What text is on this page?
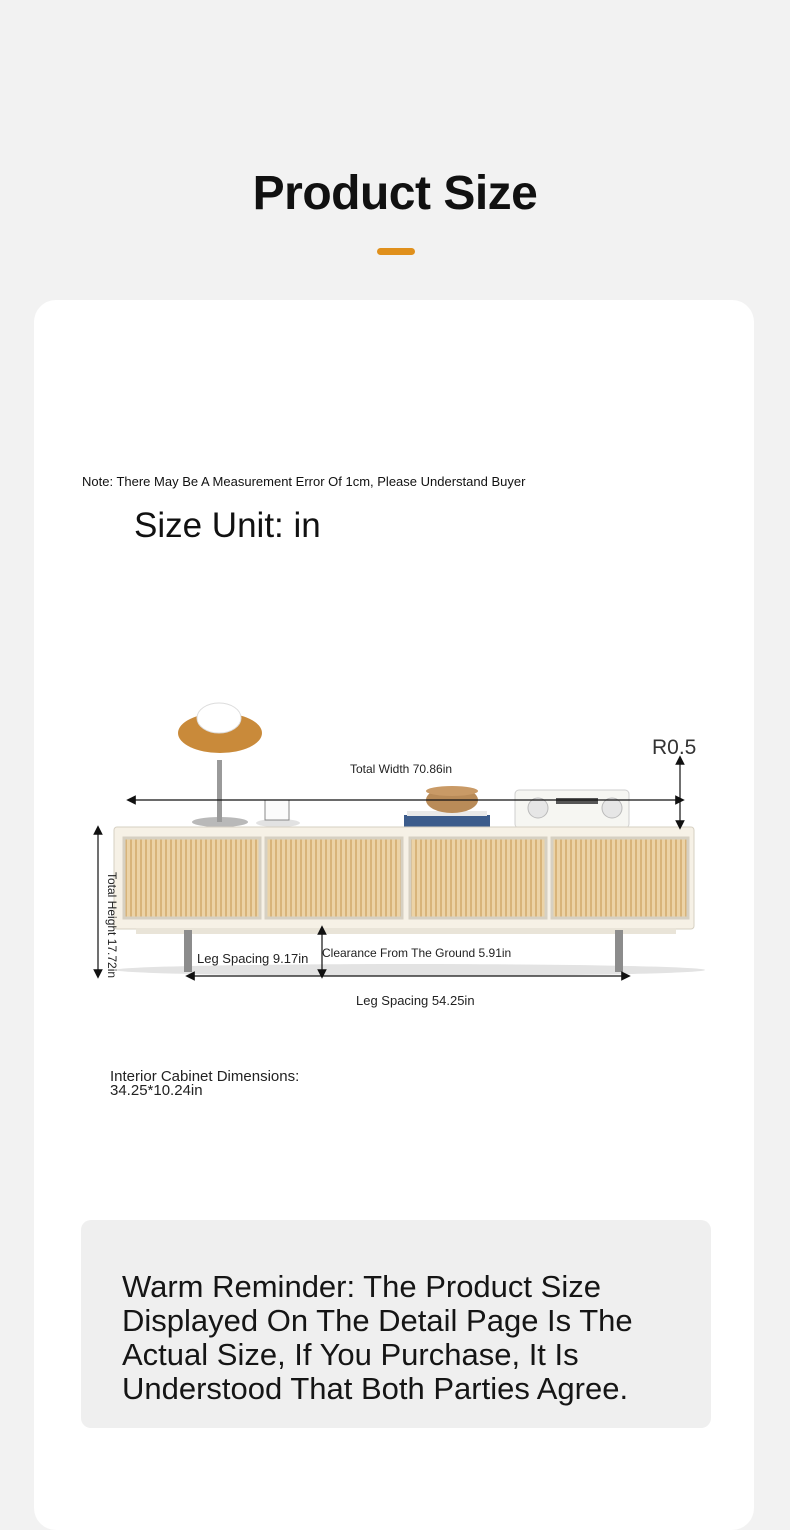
Product Size
Note: There May Be A Measurement Error Of 1cm, Please Understand Buyer
Size Unit: in
Total Height 17.72in
Total Width 70.86in
R0.5
Leg Spacing 9.17in Clearance From The Ground 5.91in
Leg Spacing 54.25in
Interior Cabinet Dimensions:
34.25*10.24in
Warm Reminder: The Product Size Displayed On The Detail Page Is The Actual Size, If You Purchase, It Is Understood That Both Parties Agree.
